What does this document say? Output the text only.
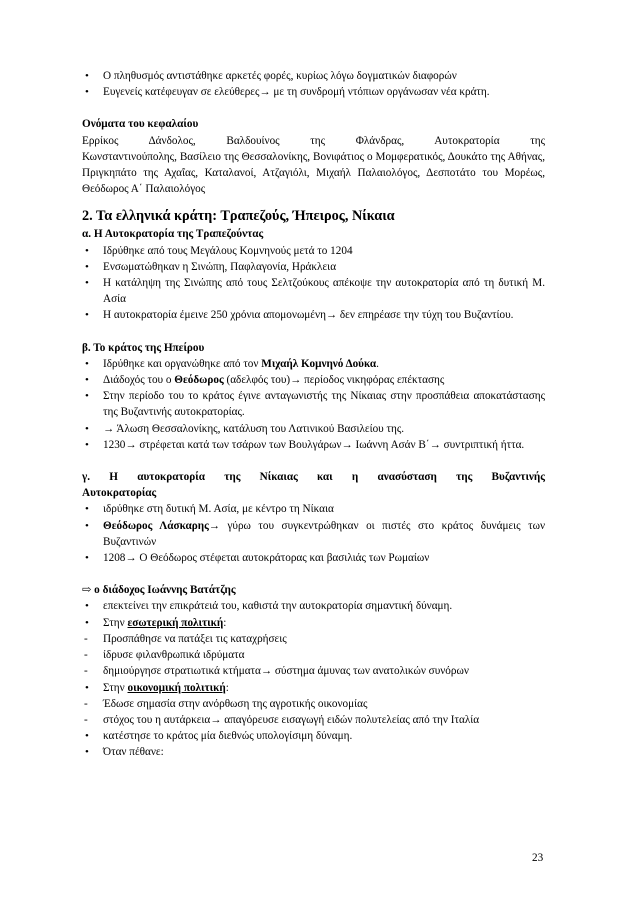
• Ο πληθυσμός αντιστάθηκε αρκετές φορές, κυρίως λόγω δογματικών διαφορών
• Ευγενείς κατέφευγαν σε ελεύθερες→ με τη συνδρομή ντόπιων οργάνωσαν νέα κράτη.
Ονόματα του κεφαλαίου
Ερρίκος Δάνδολος, Βαλδουίνος της Φλάνδρας, Αυτοκρατορία της
Κωνσταντινούπολης, Βασίλειο της Θεσσαλονίκης, Βονιφάτιος ο Μομφερατικός, Δουκάτο της Αθήνας, Πριγκηπάτο της Αχαΐας, Καταλανοί, Ατζαγιόλι, Μιχαήλ Παλαιολόγος, Δεσποτάτο του Μορέως, Θεόδωρος Α΄ Παλαιολόγος
2. Τα ελληνικά κράτη: Τραπεζούς, Ήπειρος, Νίκαια
α. Η Αυτοκρατορία της Τραπεζούντας
• Ιδρύθηκε από τους Μεγάλους Κομνηνούς μετά το 1204
• Ενσωματώθηκαν η Σινώπη, Παφλαγονία, Ηράκλεια
• Η κατάληψη της Σινώπης από τους Σελτζούκους απέκοψε την αυτοκρατορία από τη δυτική Μ. Ασία
• Η αυτοκρατορία έμεινε 250 χρόνια απομονωμένη→ δεν επηρέασε την τύχη του Βυζαντίου.
β. Το κράτος της Ηπείρου
• Ιδρύθηκε και οργανώθηκε από τον Μιχαήλ Κομνηνό Δούκα.
• Διάδοχός του ο Θεόδωρος (αδελφός του)→ περίοδος νικηφόρας επέκτασης
• Στην περίοδο του το κράτος έγινε ανταγωνιστής της Νίκαιας στην προσπάθεια αποκατάστασης της Βυζαντινής αυτοκρατορίας.
• → Άλωση Θεσσαλονίκης, κατάλυση του Λατινικού Βασιλείου της.
• 1230→ στρέφεται κατά των τσάρων των Βουλγάρων→ Ιωάννη Ασάν Β΄→ συντριπτική ήττα.
γ. Η αυτοκρατορία της Νίκαιας και η ανασύσταση της Βυζαντινής
Αυτοκρατορίας
• ιδρύθηκε στη δυτική Μ. Ασία, με κέντρο τη Νίκαια
• Θεόδωρος Λάσκαρης→ γύρω του συγκεντρώθηκαν οι πιστές στο κράτος δυνάμεις των Βυζαντινών
• 1208→ Ο Θεόδωρος στέφεται αυτοκράτορας και βασιλιάς των Ρωμαίων
⇨ ο διάδοχος Ιωάννης Βατάτζης
• επεκτείνει την επικράτειά του, καθιστά την αυτοκρατορία σημαντική δύναμη.
• Στην εσωτερική πολιτική:
- Προσπάθησε να πατάξει τις καταχρήσεις
- ίδρυσε φιλανθρωπικά ιδρύματα
- δημιούργησε στρατιωτικά κτήματα→ σύστημα άμυνας των ανατολικών συνόρων
• Στην οικονομική πολιτική:
- Έδωσε σημασία στην ανόρθωση της αγροτικής οικονομίας
- στόχος του η αυτάρκεια→ απαγόρευσε εισαγωγή ειδών πολυτελείας από την Ιταλία
• κατέστησε το κράτος μία διεθνώς υπολογίσιμη δύναμη.
• Όταν πέθανε:
23
